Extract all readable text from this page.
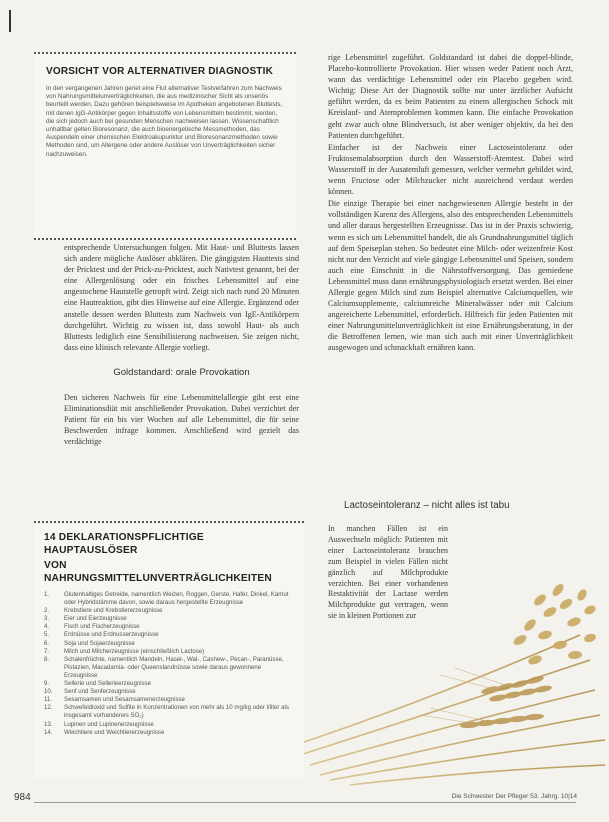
VORSICHT VOR ALTERNATIVER DIAGNOSTIK
In den vergangenen Jahren geriet eine Flut alternativer Testverfahren zum Nachweis von Nahrungsmittelunverträglichkeiten, die aus medizinischer Sicht als unseriös beurteilt werden. Dazu gehören beispielsweise im Apotheken angebotenen Bluttests, mit denen IgG-Antikörper gegen Inhaltsstoffe von Lebensmitteln bestimmt, werden, die sich jedoch auch bei gesunden Menschen nachweisen lassen. Wissenschaftlich unhaltbar gelten Bioresonanz, die auch bioenergetische Messmethoden, das Auspendeln einer chemischen Elektroakupunktur und Bioresonanzmethoden sowie Methoden sind, um Allergene oder andere Auslöser von Unverträglichkeiten sicher nachzuweisen.

entsprechende Untersuchungen folgen. Mit Haut- und Bluttests lassen sich andere mögliche Auslöser abklären. Die gängigsten Hauttests sind der Pricktest und der Prick-zu-Pricktest, auch Nativtest genannt, bei der eine Allergenlösung oder ein frisches Lebensmittel auf eine angestochene Hautstelle getropft wird. Zeigt sich nach rund 20 Minuten eine Hautreaktion, gibt dies Hinweise auf eine Allergie. Ergänzend oder anstelle dessen werden Bluttests zum Nachweis von IgE-Antikörpern durchgeführt. Wichtig zu wissen ist, dass sowohl Haut- als auch Bluttests lediglich eine Sensibilisierung nachweisen. Sie zeigen nicht, dass eine klinisch relevante Allergie vorliegt.

Goldstandard: orale Provokation

Den sicheren Nachweis für eine Lebensmittelallergie gibt erst eine Eliminationsdiät mit anschließender Provokation. Dabei verzichtet der Patient für ein bis vier Wochen auf alle Lebensmittel, die für seine Beschwerden infrage kommen. Anschließend wird gezielt das verdächtige

rige Lebensmittel zugeführt. Goldstandard ist dabei die doppel-blinde, Placebo-kontrollierte Provokation. Hier wissen weder Patient noch Arzt, wann das verdächtige Lebensmittel oder ein Placebo gegeben wird. Wichtig: Diese Art der Diagnostik sollte nur unter ärztlicher Aufsicht geführt werden, da es beim Patienten zu einem allergischen Schock mit Kreislauf- und Atemproblemen kommen kann. Die einfache Provokation geht zwar auch ohne Blindversuch, ist aber weniger objektiv, da bei den Patienten durchgeführt.

Einfacher ist der Nachweis einer Lactoseintoleranz oder Fruktosemalabsorption durch den Wasserstoff-Atemtest. Dabei wird Wasserstoff in der Ausatemluft gemessen, welcher vermehrt gebildet wird, wenn Fructose oder Milchzucker nicht ausreichend verdaut werden können.

Die einzige Therapie bei einer nachgewiesenen Allergie besteht in der vollständigen Karenz des Allergens, also des entsprechenden Lebensmittels und aller daraus hergestellten Erzeugnisse. Das ist in der Praxis schwierig, wenn es sich um Lebensmittel handelt, die als Grundnahrungsmittel täglich auf dem Speiseplan stehen. So bedeutet eine Milch- oder weizenfreie Kost nicht nur den Verzicht auf viele gängige Lebensmittel und Speisen, sondern auch eine Einschnitt in die Nährstoffversorgung. Das gemiedene Lebensmittel muss dann ernährungsphysiologisch ersetzt werden. Bei einer Allergie gegen Milch sind zum Beispiel alternative Calciumquellen, wie Calciumsupplemente, calciumreiche Mineralwässer oder mit Calcium angereicherte Lebensmittel, erforderlich. Hilfreich für jeden Patienten mit einer Nahrungsmittelunverträglichkeit ist eine Ernährungsberatung, in der die Betroffenen lernen, wie man sich auch mit einer Unverträglichkeit ausgewogen und schmackhaft ernähren kann.

Lactoseintoleranz – nicht alles ist tabu

In manchen Fällen ist ein Auswechseln möglich: Patienten mit einer Lactoseintoleranz brauchen zum Beispiel in vielen Fällen nicht gänzlich auf Milchprodukte verzichten. Bei einer vorhandenen Restaktivität der Lactase werden Milchprodukte gut vertragen, wenn sie in kleinen Portionen zur

14 DEKLARATIONSPFLICHTIGE HAUPTAUSLÖSER
VON NAHRUNGSMITTELUNVERTRÄGLICHKEITEN
1.	Glutenhaltiges Getreide, namentlich Weizen, Roggen, Gerste, Hafer, Dinkel, Kamut oder Hybridstämme davon, sowie daraus hergestellte Erzeugnisse
2.	Krebstiere und Krebstiererzeugnisse
3.	Eier und Eierzeugnisse
4.	Fisch und Fischerzeugnisse
5.	Erdnüsse und Erdnusserzeugnisse
6.	Soja und Sojaerzeugnisse
7.	Milch und Milcherzeugnisse (einschließlich Lactose)
8.	Schalenfrüchte, namentlich Mandeln, Hasel-, Wal-, Cashew-, Pecan-, Paranüsse, Pistazien, Macadamia- oder Queenslandnüsse sowie daraus gewonnene Erzeugnisse
9.	Sellerie und Sellerieerzeugnisse
10.	Senf und Senferzeugnisse
11.	Sesamsamen und Sesamsamenerzeugnisse
12.	Schwefeldioxid und Sulfite in Konzentrationen von mehr als 10 mg/kg oder l/liter als insgesamt vorhandenes SO₂)
13.	Lupinen und Lupinenerzeugnisse
14.	Weichtiere und Weichtiererzeugnisse
984	Die Schwester Der Pfleger 53. Jahrg. 10|14
